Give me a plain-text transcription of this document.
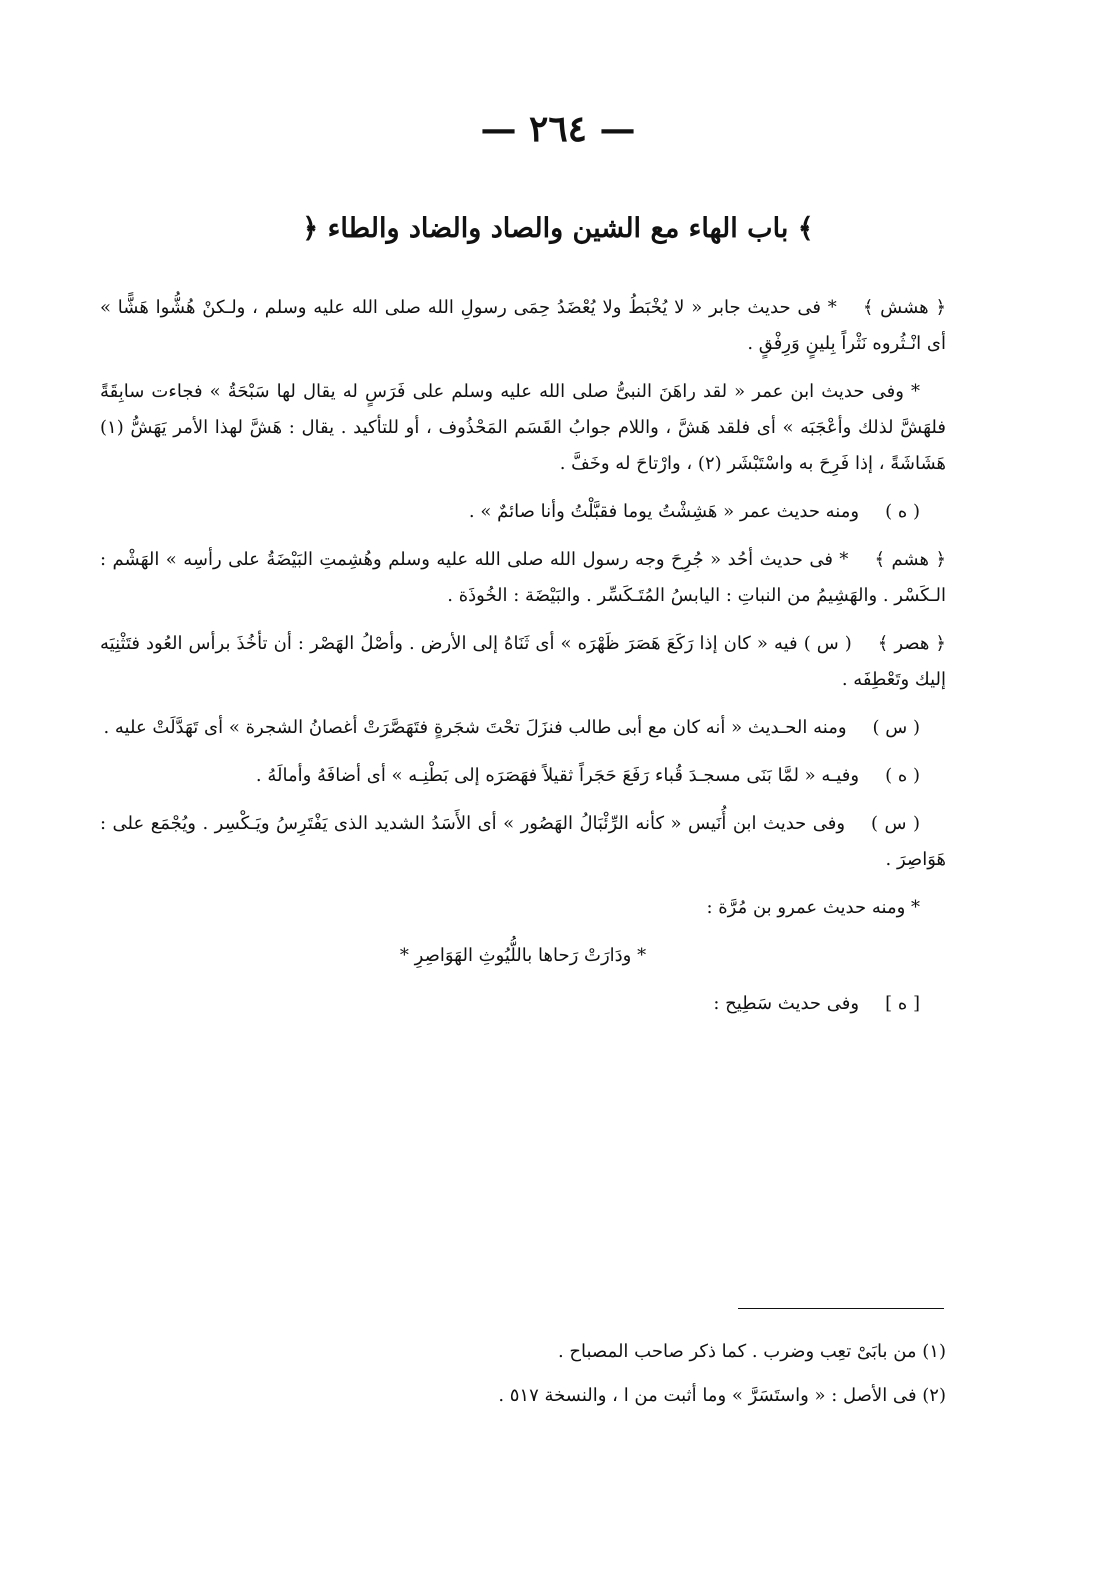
— ٢٦٤ —
﴿ باب الهاء مع الشين والصاد والضاد والطاء ﴾

﴿ هشش ﴾* فى حديث جابر « لا يُخْبَطُ ولا يُعْضَدُ حِمَى رسولِ الله صلى الله عليه وسلم ، ولـكنْ هُشُّوا هَشًّا » أى انْـثُروه نَثْراً بِلينٍ وَرِفْقٍ .

* وفى حديث ابن عمر « لقد راهَنَ النبىُّ صلى الله عليه وسلم على فَرَسٍ له يقال لها سَبْحَةُ » فجاءت سابِقَةً فلهَشَّ لذلك وأعْجَبَه » أى فلقد هَشَّ ، واللام جوابُ القَسَم المَحْذُوف ، أو للتأكيد . يقال : هَشَّ لهذا الأمر يَهَشُّ (١) هَشَاشَةً ، إذا فَرِحَ به واسْتَبْشَر (٢) ، وارْتاحَ له وخَفَّ .

( ه )ومنه حديث عمر « هَشِشْتُ يوما فقبَّلْتُ وأنا صائمٌ » .

﴿ هشم ﴾* فى حديث أحُد « جُرِحَ وجه رسول الله صلى الله عليه وسلم وهُشِمتِ البَيْضَةُ على رأسِه » الهَشْم : الـكَسْر . والهَشِيمُ من النباتِ : اليابسُ المُتَـكَسِّر . والبَيْضَة : الخُوذَة .

﴿ هصر ﴾( س ) فيه « كان إذا رَكَعَ هَصَرَ ظَهْرَه » أى ثَنَاهُ إلى الأرض . وأصْلُ الهَصْر : أن تأخُذَ برأس العُود فتَثْنِيَه إليك وتَعْطِفَه .

( س )ومنه الحـديث « أنه كان مع أبى طالب فنزَلَ تحْتَ شجَرةٍ فتَهَصَّرَتْ أغصانُ الشجرة » أى تَهَدَّلَتْ عليه .

( ه )وفيـه « لمَّا بَنَى مسجـدَ قُباء رَفَعَ حَجَراً ثقيلاً فهَصَرَه إلى بَطْنِـه » أى أضافَهُ وأمالَهُ .

( س )وفى حديث ابن أُنَيس « كأنه الرِّئْبَالُ الهَصُور » أى الأَسَدُ الشديد الذى يَفْتَرِسُ ويَـكْسِر . ويُجْمَع على : هَوَاصِرَ .

* ومنه حديث عمرو بن مُرَّة :

* ودَارَتْ رَحاها باللُّيُوثِ الهَوَاصِرِ *

[ ه ]وفى حديث سَطِيح :

(١) من بابَىْ تعِب وضرب . كما ذكر صاحب المصباح .

(٢) فى الأصل : « واستَسَرَّ » وما أثبت من ا ، والنسخة ٥١٧ .
